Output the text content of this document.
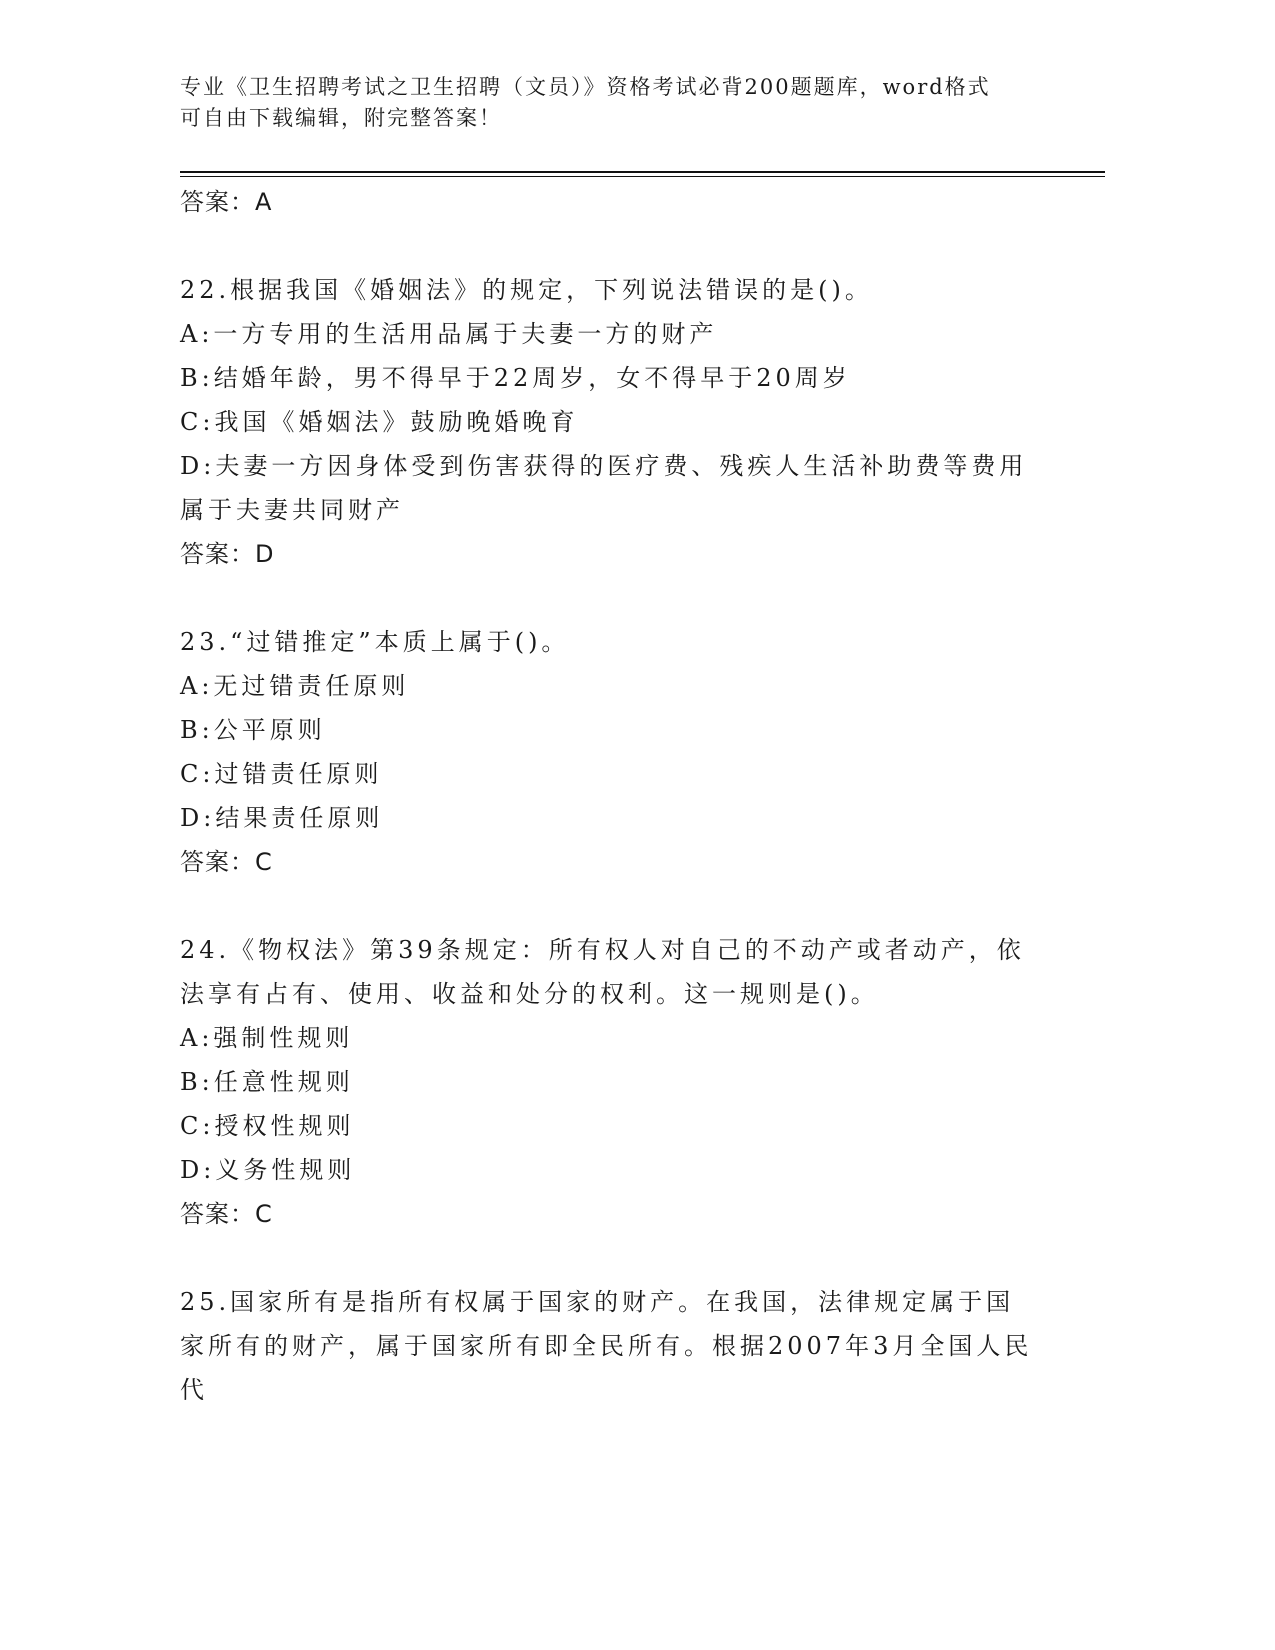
专业《卫生招聘考试之卫生招聘（文员）》资格考试必背200题题库，word格式
可自由下载编辑，附完整答案！
答案：A
22.根据我国《婚姻法》的规定，下列说法错误的是()。
A:一方专用的生活用品属于夫妻一方的财产
B:结婚年龄，男不得早于22周岁，女不得早于20周岁
C:我国《婚姻法》鼓励晚婚晚育
D:夫妻一方因身体受到伤害获得的医疗费、残疾人生活补助费等费用属于夫妻共同财产
答案：D
23.“过错推定”本质上属于()。
A:无过错责任原则
B:公平原则
C:过错责任原则
D:结果责任原则
答案：C
24.《物权法》第39条规定：所有权人对自己的不动产或者动产，依法享有占有、使用、收益和处分的权利。这一规则是()。
A:强制性规则
B:任意性规则
C:授权性规则
D:义务性规则
答案：C
25.国家所有是指所有权属于国家的财产。在我国，法律规定属于国家所有的财产，属于国家所有即全民所有。根据2007年3月全国人民代
